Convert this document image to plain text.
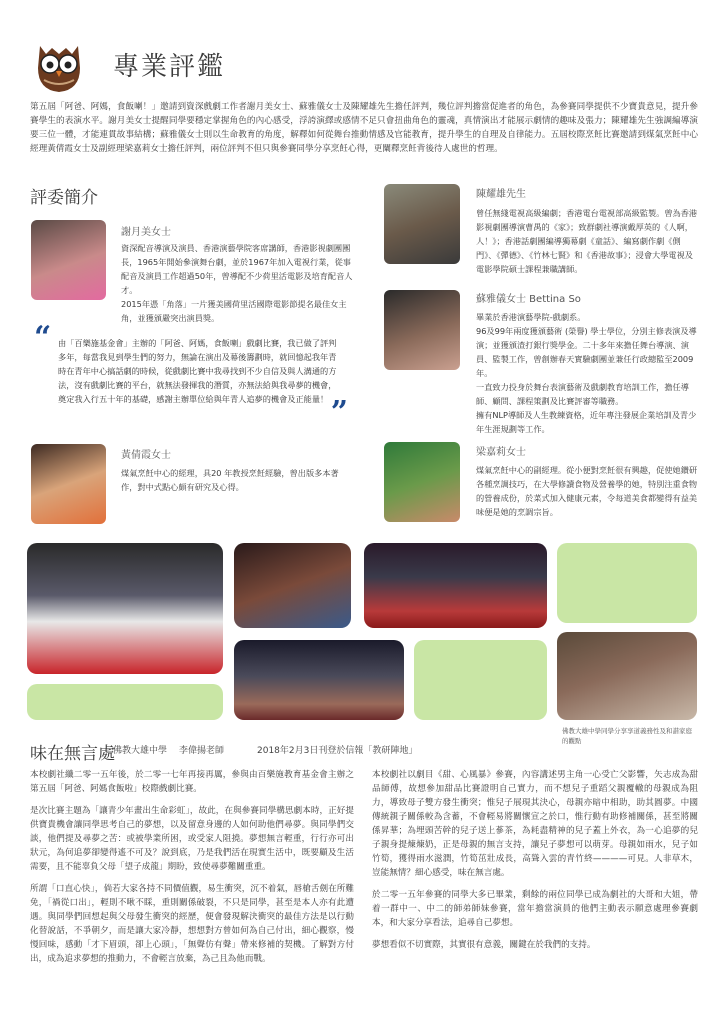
專業評鑑
第五屆「阿爸、阿媽，食飯喇！」邀請到資深戲劇工作者謝月美女士、蘇雅儀女士及陳耀雄先生擔任評判，幾位評判擔當促進者的角色，為參賽同學提供不少寶貴意見，提升參賽學生的表演水平。謝月美女士提醒同學要穩定掌握角色的內心感受，浮誇演繹或感情不足只會扭曲角色的靈魂，真情演出才能展示劇情的趣味及張力；陳耀雄先生強調編導演要三位一體，才能連貫故事結構；蘇雅儀女士則以生命教育的角度，解釋如何從舞台推動情感及官能教育，提升學生的自理及自律能力。五屆校際烹飪比賽邀請到煤氣烹飪中心經理黃倩霞女士及副經理梁嘉莉女士擔任評判，兩位評判不但只與參賽同學分享烹飪心得，更闡釋烹飪背後待人處世的哲理。
評委簡介
謝月美女士
資深配音導演及演員、香港演藝學院客席講師，香港影視劇團團長，1965年開始參演舞台劇，並於1967年加入電視行業，從事配音及演員工作超過50年，曾導配不少荷里活電影及培育配音人才。
2015年憑「角落」一片獲美國荷里活國際電影節提名最佳女主角，並獲頒嚴突出演員獎。
“ 由「百樂施基金會」主辦的「阿爸、阿媽，食飯喇」戲劇比賽，我已做了評判多年，每當我見到學生們的努力，無論在演出及幕後籌劃時，就回憶起我年青時在青年中心搞話劇的時候，從戲劇比賽中我尋找到不少自信及與人溝通的方法，沒有戲劇比賽的平台，就無法發揮我的潛質，亦無法給與我尋夢的機會，奠定我入行五十年的基礎，感謝主辦單位給與年青人追夢的機會及正能量！ ”
黃倩霞女士
煤氣烹飪中心的經理，具20 年教授烹飪經驗，曾出版多本著作，對中式點心頗有研究及心得。
陳耀雄先生
曾任無綫電視高級編劇；香港電台電視部高級監製。曾為香港影視劇團導演曹禺的《家》；致群劇社導演戴厚英的《人啊，人！》；香港話劇團編導獨幕劇《童話》、編寫劇作劇《側門》、《彈德》、《竹林七賢》和《香港故事》；浸會大學電視及電影學院碩士課程兼職講師。
蘇雅儀女士 Bettina So
畢業於香港演藝學院-戲劇系。
96及99年兩度獲頒藝術 (榮譽) 學士學位，分別主修表演及導演；並獲頒渣打銀行獎學金。二十多年來擔任舞台導演、演員、監製工作，曾創辦春天實驗劇團並兼任行政總監至2009年。
一直致力投身於舞台表演藝術及戲劇教育培訓工作，擔任導師、顧問、課程策劃及比賽評審等職務。
擁有NLP導師及人生教練資格，近年專注發展企業培訓及青少年生涯規劃等工作。
梁嘉莉女士
煤氣烹飪中心的副經理。從小便對烹飪很有興趣，促使她鑽研各種烹調技巧，在大學修讀食物及營養學的她，特別注重食物的營養成份，於菜式加入健康元素，令每道美食都變得有益美味便是她的烹調宗旨。
佛教大雄中學同學分享享道義務性及和諧家庭的觀點
味在無言處
佛教大雄中學 李偉揚老師	2018年2月3日刊登於信報「教研陣地」

本校劇社纖二零一五年後，於二零一七年再接再厲，參與由百樂施教育基金會主辦之第五屆「阿爸、阿媽食飯啦」校際戲劇比賽。

是次比賽主題為「讓青少年畫出生命彩虹」，故此，在與參賽同學構思劇本時，正好提供寶貴機會讓同學思考自己的夢想，以及留意身邊的人如何助他們尋夢。與同學們交談，他們提及尋夢之苦：或被學業所困，或受家人阻撓。夢想無言輕重，行行亦可出狀元，為何追夢卻變得遙不可及？說到底，乃是我們活在現實生活中，既要顧及生活需要，且不能辜負父母「望子成龍」期盼，致使尋夢難關重重。

所謂「口直心快」，倘若大家各持不同價值觀，易生衝突，沉不着氣，唇槍舌劍在所難免，「禍從口出」，輕則不啾不睬，重則關係破裂，不只是同學，甚至是本人亦有此遭遇。與同學們回想起與父母發生衝突的經歷，便會發現解決衝突的最佳方法是以行動化替說話，不爭朝夕，而是讓大家冷靜，想想對方曾如何為自己付出，細心觀察，慢慢回味，感動「才下眉頭，卻上心頭」，「無聲仿有聲」帶來修補的契機。了解對方付出，成為追求夢想的推動力，不會輕言放棄，為己且為他而戰。

本校劇社以劇目《甜、心風暴》參賽，內容講述男主角一心受亡父影響，矢志成為甜品師傅，故想參加甜品比賽證明自己實力，而不想兒子重蹈父親覆轍的母親成為阻力，導致母子雙方發生衝突；惟兒子展現其決心，母親亦暗中相助，助其圓夢。中國傳統親子關係較為含蓄，不會輕易將關懷宣之於口，惟行動有助修補關係，甚至將關係昇華；為埋頭苦幹的兒子送上蔘茶，為耗盡精神的兒子蓋上外衣，為一心追夢的兒子親身提煉煉奶，正是母親的無言支持，讓兒子夢想可以萌芽。母親如雨水，兒子如竹筍，獲得雨水滋潤，竹筍茁壯成長，高聳入雲的青竹終————可見。人非草木，豈能無情？細心感受，味在無言處。

於二零一五年參賽的同學大多已畢業，剩餘的兩位同學已成為劇社的大哥和大姐，帶着一群中一、中二的師弟師妹參賽，當年擔當演員的他們主動表示願意處理參賽劇本，和大家分享看法，追尋自己夢想。

夢想看似不切實際，其實很有意義，關鍵在於我們的支持。
